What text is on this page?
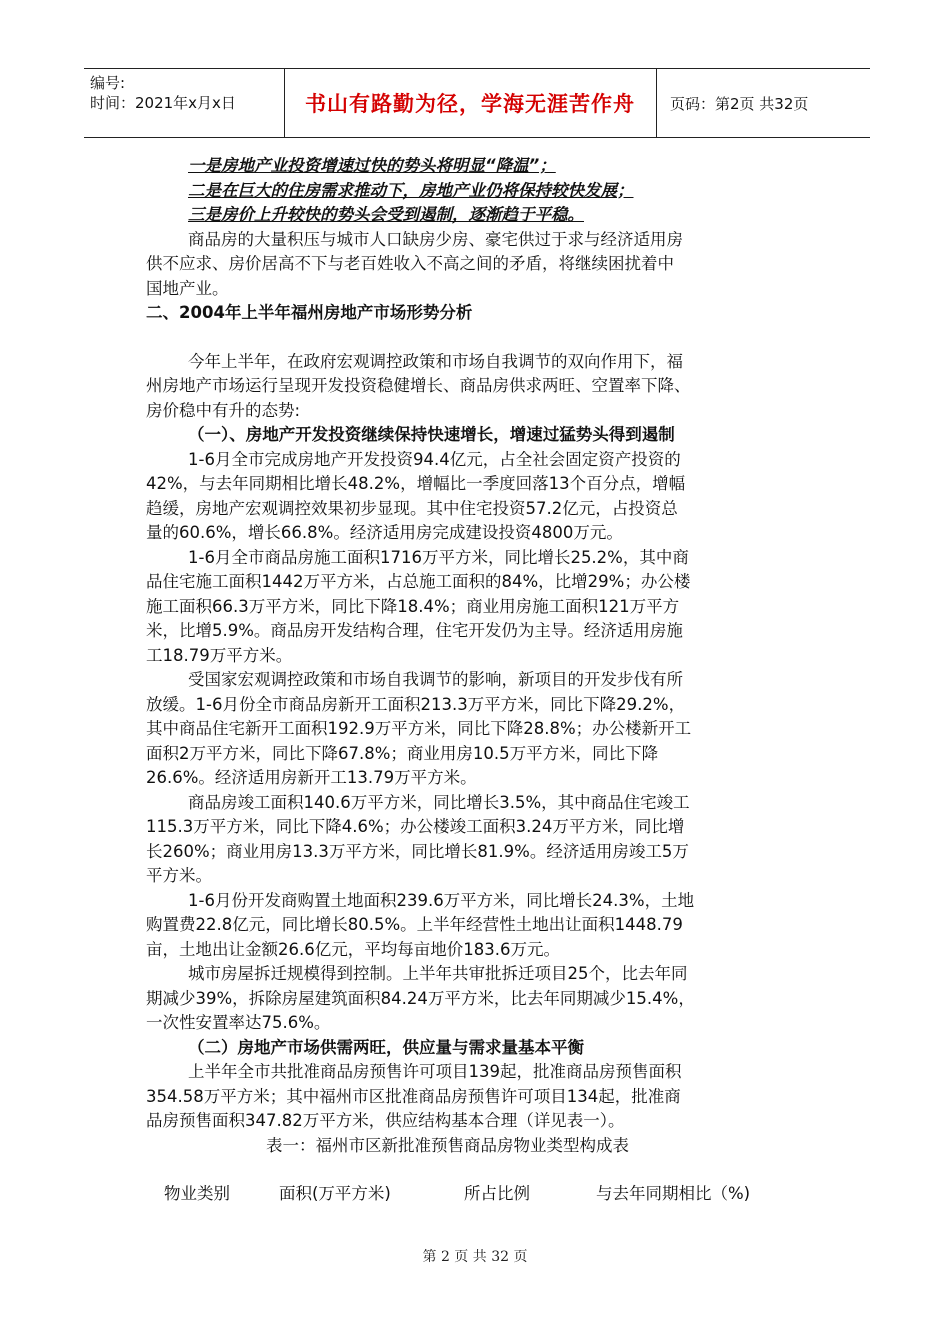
编号:
时间：2021年x月x日	书山有路勤为径，学海无涯苦作舟	页码：第2页 共32页
一是房地产业投资增速过快的势头将明显“降温”；
二是在巨大的住房需求推动下，房地产业仍将保持较快发展；
三是房价上升较快的势头会受到遏制，逐渐趋于平稳。
商品房的大量积压与城市人口缺房少房、豪宅供过于求与经济适用房
供不应求、房价居高不下与老百姓收入不高之间的矛盾，将继续困扰着中
国地产业。
二、2004年上半年福州房地产市场形势分析
今年上半年，在政府宏观调控政策和市场自我调节的双向作用下，福
州房地产市场运行呈现开发投资稳健增长、商品房供求两旺、空置率下降、
房价稳中有升的态势:
（一）、房地产开发投资继续保持快速增长，增速过猛势头得到遏制
1-6月全市完成房地产开发投资94.4亿元，占全社会固定资产投资的
42%，与去年同期相比增长48.2%，增幅比一季度回落13个百分点，增幅
趋缓，房地产宏观调控效果初步显现。其中住宅投资57.2亿元，占投资总
量的60.6%，增长66.8%。经济适用房完成建设投资4800万元。
1-6月全市商品房施工面积1716万平方米，同比增长25.2%，其中商
品住宅施工面积1442万平方米，占总施工面积的84%，比增29%；办公楼
施工面积66.3万平方米，同比下降18.4%；商业用房施工面积121万平方
米，比增5.9%。商品房开发结构合理，住宅开发仍为主导。经济适用房施
工18.79万平方米。
受国家宏观调控政策和市场自我调节的影响，新项目的开发步伐有所
放缓。1-6月份全市商品房新开工面积213.3万平方米，同比下降29.2%，
其中商品住宅新开工面积192.9万平方米，同比下降28.8%；办公楼新开工
面积2万平方米，同比下降67.8%；商业用房10.5万平方米，同比下降
26.6%。经济适用房新开工13.79万平方米。
商品房竣工面积140.6万平方米，同比增长3.5%，其中商品住宅竣工
115.3万平方米，同比下降4.6%；办公楼竣工面积3.24万平方米，同比增
长260%；商业用房13.3万平方米，同比增长81.9%。经济适用房竣工5万
平方米。
1-6月份开发商购置土地面积239.6万平方米，同比增长24.3%，土地
购置费22.8亿元，同比增长80.5%。上半年经营性土地出让面积1448.79
亩，土地出让金额26.6亿元，平均每亩地价183.6万元。
城市房屋拆迁规模得到控制。上半年共审批拆迁项目25个，比去年同
期减少39%，拆除房屋建筑面积84.24万平方米，比去年同期减少15.4%，
一次性安置率达75.6%。
（二）房地产市场供需两旺，供应量与需求量基本平衡
上半年全市共批准商品房预售许可项目139起，批准商品房预售面积
354.58万平方米；其中福州市区批准商品房预售许可项目134起，批准商
品房预售面积347.82万平方米，供应结构基本合理（详见表一）。
表一：福州市区新批准预售商品房物业类型构成表
物业类别	面积(万平方米)	所占比例	与去年同期相比（%)
第 2 页 共 32 页
